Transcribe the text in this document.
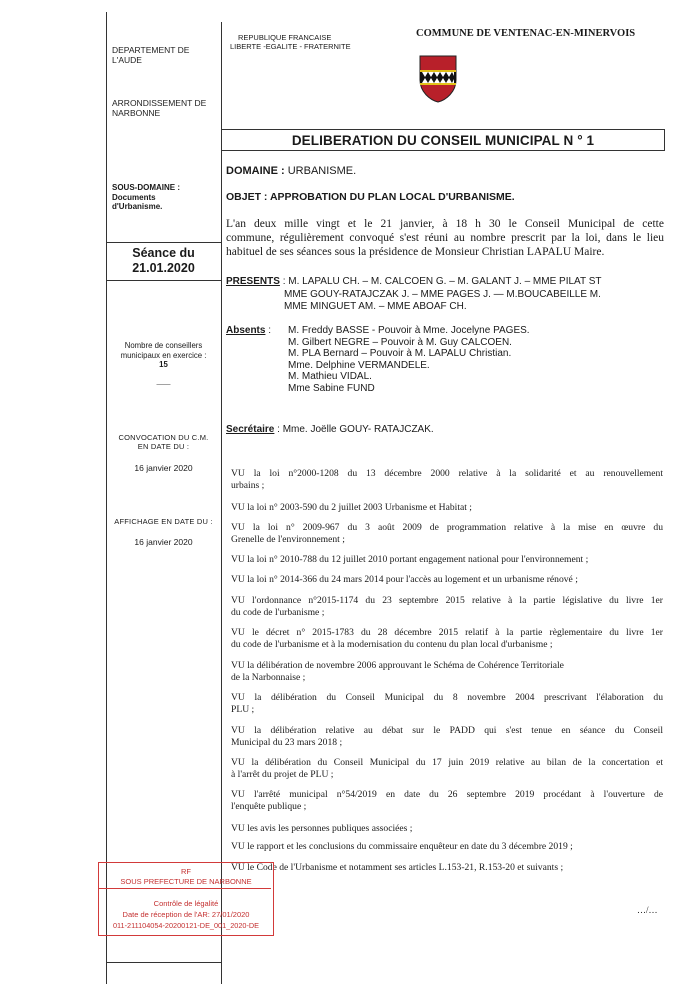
DEPARTEMENT DE
L'AUDE
ARRONDISSEMENT DE
NARBONNE
SOUS-DOMAINE :
Documents
d'Urbanisme.
Séance du
21.01.2020
Nombre de conseillers
municipaux en exercice :
15
——
CONVOCATION DU C.M.
EN DATE DU :
16 janvier 2020
AFFICHAGE EN DATE DU :
16 janvier 2020
REPUBLIQUE FRANCAISE
LIBERTE -EGALITE - FRATERNITE
COMMUNE DE VENTENAC-EN-MINERVOIS
DELIBERATION DU CONSEIL MUNICIPAL N ° 1
DOMAINE : URBANISME.
OBJET : APPROBATION DU PLAN LOCAL D'URBANISME.
L'an deux mille vingt et le 21 janvier, à 18 h 30 le Conseil Municipal de cette
commune, régulièrement convoqué s'est réuni au nombre prescrit par la loi, dans le lieu
habituel de ses séances sous la présidence de Monsieur Christian LAPALU Maire.
PRESENTS : M. LAPALU CH. – M. CALCOEN G. – M. GALANT J. – MME PILAT ST
MME GOUY-RATAJCZAK J. – MME PAGES J. — M.BOUCABEILLE M.
MME MINGUET AM. – MME ABOAF CH.
Absents : M. Freddy BASSE - Pouvoir à Mme. Jocelyne PAGES.
M. Gilbert NEGRE – Pouvoir à M. Guy CALCOEN.
M. PLA Bernard – Pouvoir à M. LAPALU Christian.
Mme. Delphine VERMANDELE.
M. Mathieu VIDAL.
Mme Sabine FUND
Secrétaire : Mme. Joëlle GOUY- RATAJCZAK.
VU la loi n°2000-1208 du 13 décembre 2000 relative à la solidarité et au renouvellement
urbains ;
VU la loi n° 2003-590 du 2 juillet 2003 Urbanisme et Habitat ;
VU la loi n° 2009-967 du 3 août 2009 de programmation relative à la mise en œuvre du
Grenelle de l'environnement ;
VU la loi n° 2010-788 du 12 juillet 2010 portant engagement national pour l'environnement ;
VU la loi n° 2014-366 du 24 mars 2014 pour l'accès au logement et un urbanisme rénové ;
VU l'ordonnance n°2015-1174 du 23 septembre 2015 relative à la partie législative du livre 1er
du code de l'urbanisme ;
VU le décret n° 2015-1783 du 28 décembre 2015 relatif à la partie règlementaire du livre 1er
du code de l'urbanisme et à la modernisation du contenu du plan local d'urbanisme ;
VU la délibération de novembre 2006 approuvant le Schéma de Cohérence Territoriale
de la Narbonnaise ;
VU la délibération du Conseil Municipal du 8 novembre 2004 prescrivant l'élaboration du
PLU ;
VU la délibération relative au débat sur le PADD qui s'est tenue en séance du Conseil
Municipal du 23 mars 2018 ;
VU la délibération du Conseil Municipal du 17 juin 2019 relative au bilan de la concertation et
à l'arrêt du projet de PLU ;
VU l'arrêté municipal n°54/2019 en date du 26 septembre 2019 procédant à l'ouverture de
l'enquête publique ;
VU les avis les personnes publiques associées ;
VU le rapport et les conclusions du commissaire enquêteur en date du 3 décembre 2019 ;
VU le Code de l'Urbanisme et notamment ses articles L.153-21, R.153-20 et suivants ;
…/…
RF
SOUS PREFECTURE DE NARBONNE
Contrôle de légalité
Date de réception de l'AR: 27/01/2020
011-211104054-20200121-DE_001_2020-DE
